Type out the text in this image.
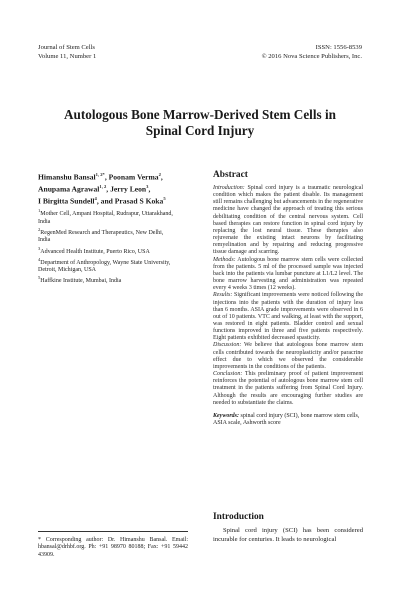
Journal of Stem Cells
Volume 11, Number 1
ISSN: 1556-8539
© 2016 Nova Science Publishers, Inc.
Autologous Bone Marrow-Derived Stem Cells in
Spinal Cord Injury
Himanshu Bansal$^{1, 2*}$, Poonam Verma$^2$,
Anupama Agrawal$^{1, 2}$, Jerry Leon$^3$,
I Birgitta Sundell$^4$, and Prasad S Koka$^5$
$^1$Mother Cell, Ampani Hospital, Rudrapur, Uttarakhand,
India
$^2$RegenMed Research and Therapeutics, New Delhi,
India
$^3$Advanced Health Institute, Puerto Rico, USA
$^4$Department of Anthropology, Wayne State University,
Detroit, Michigan, USA
$^5$Haffkine Institute, Mumbai, India
Abstract

Introduction: Spinal cord injury is a traumatic neurological condition which makes the patient disable. Its management still remains challenging but advancements in the regenerative medicine have changed the approach of treating this serious debilitating condition of the central nervous system. Cell based therapies can restore function in spinal cord injury by replacing the lost neural tissue. These therapies also rejuvenate the existing intact neurons by facilitating remyelination and by repairing and reducing progressive tissue damage and scarring.

Methods: Autologous bone marrow stem cells were collected from the patients. 5 ml of the processed sample was injected back into the patients via lumbar puncture at L1/L2 level. The bone marrow harvesting and administration was repeated every 4 weeks 3 times (12 weeks).

Results: Significant improvements were noticed following the injections into the patients with the duration of injury less than 6 months. ASIA grade improvements were observed in 6 out of 10 patients. VTC and walking, at least with the support, was restored in eight patients. Bladder control and sexual functions improved in three and five patients respectively. Eight patients exhibited decreased spasticity.

Discussion: We believe that autologous bone marrow stem cells contributed towards the neuroplasticity and/or paracrine effect due to which we observed the considerable improvements in the conditions of the patients.

Conclusion: This preliminary proof of patient improvement reinforces the potential of autologous bone marrow stem cell treatment in the patients suffering from Spinal Cord Injury. Although the results are encouraging further studies are needed to substantiate the claims.

Keywords: spinal cord injury (SCI), bone marrow stem cells, ASIA scale, Ashworth score
Introduction
Spinal cord injury (SCI) has been considered incurable for centuries. It leads to neurological
* Corresponding author: Dr. Himanshu Bansal. Email: hbansal@drhbf.org. Ph: +91 98970 80188; Fax: +91 59442 43909.
